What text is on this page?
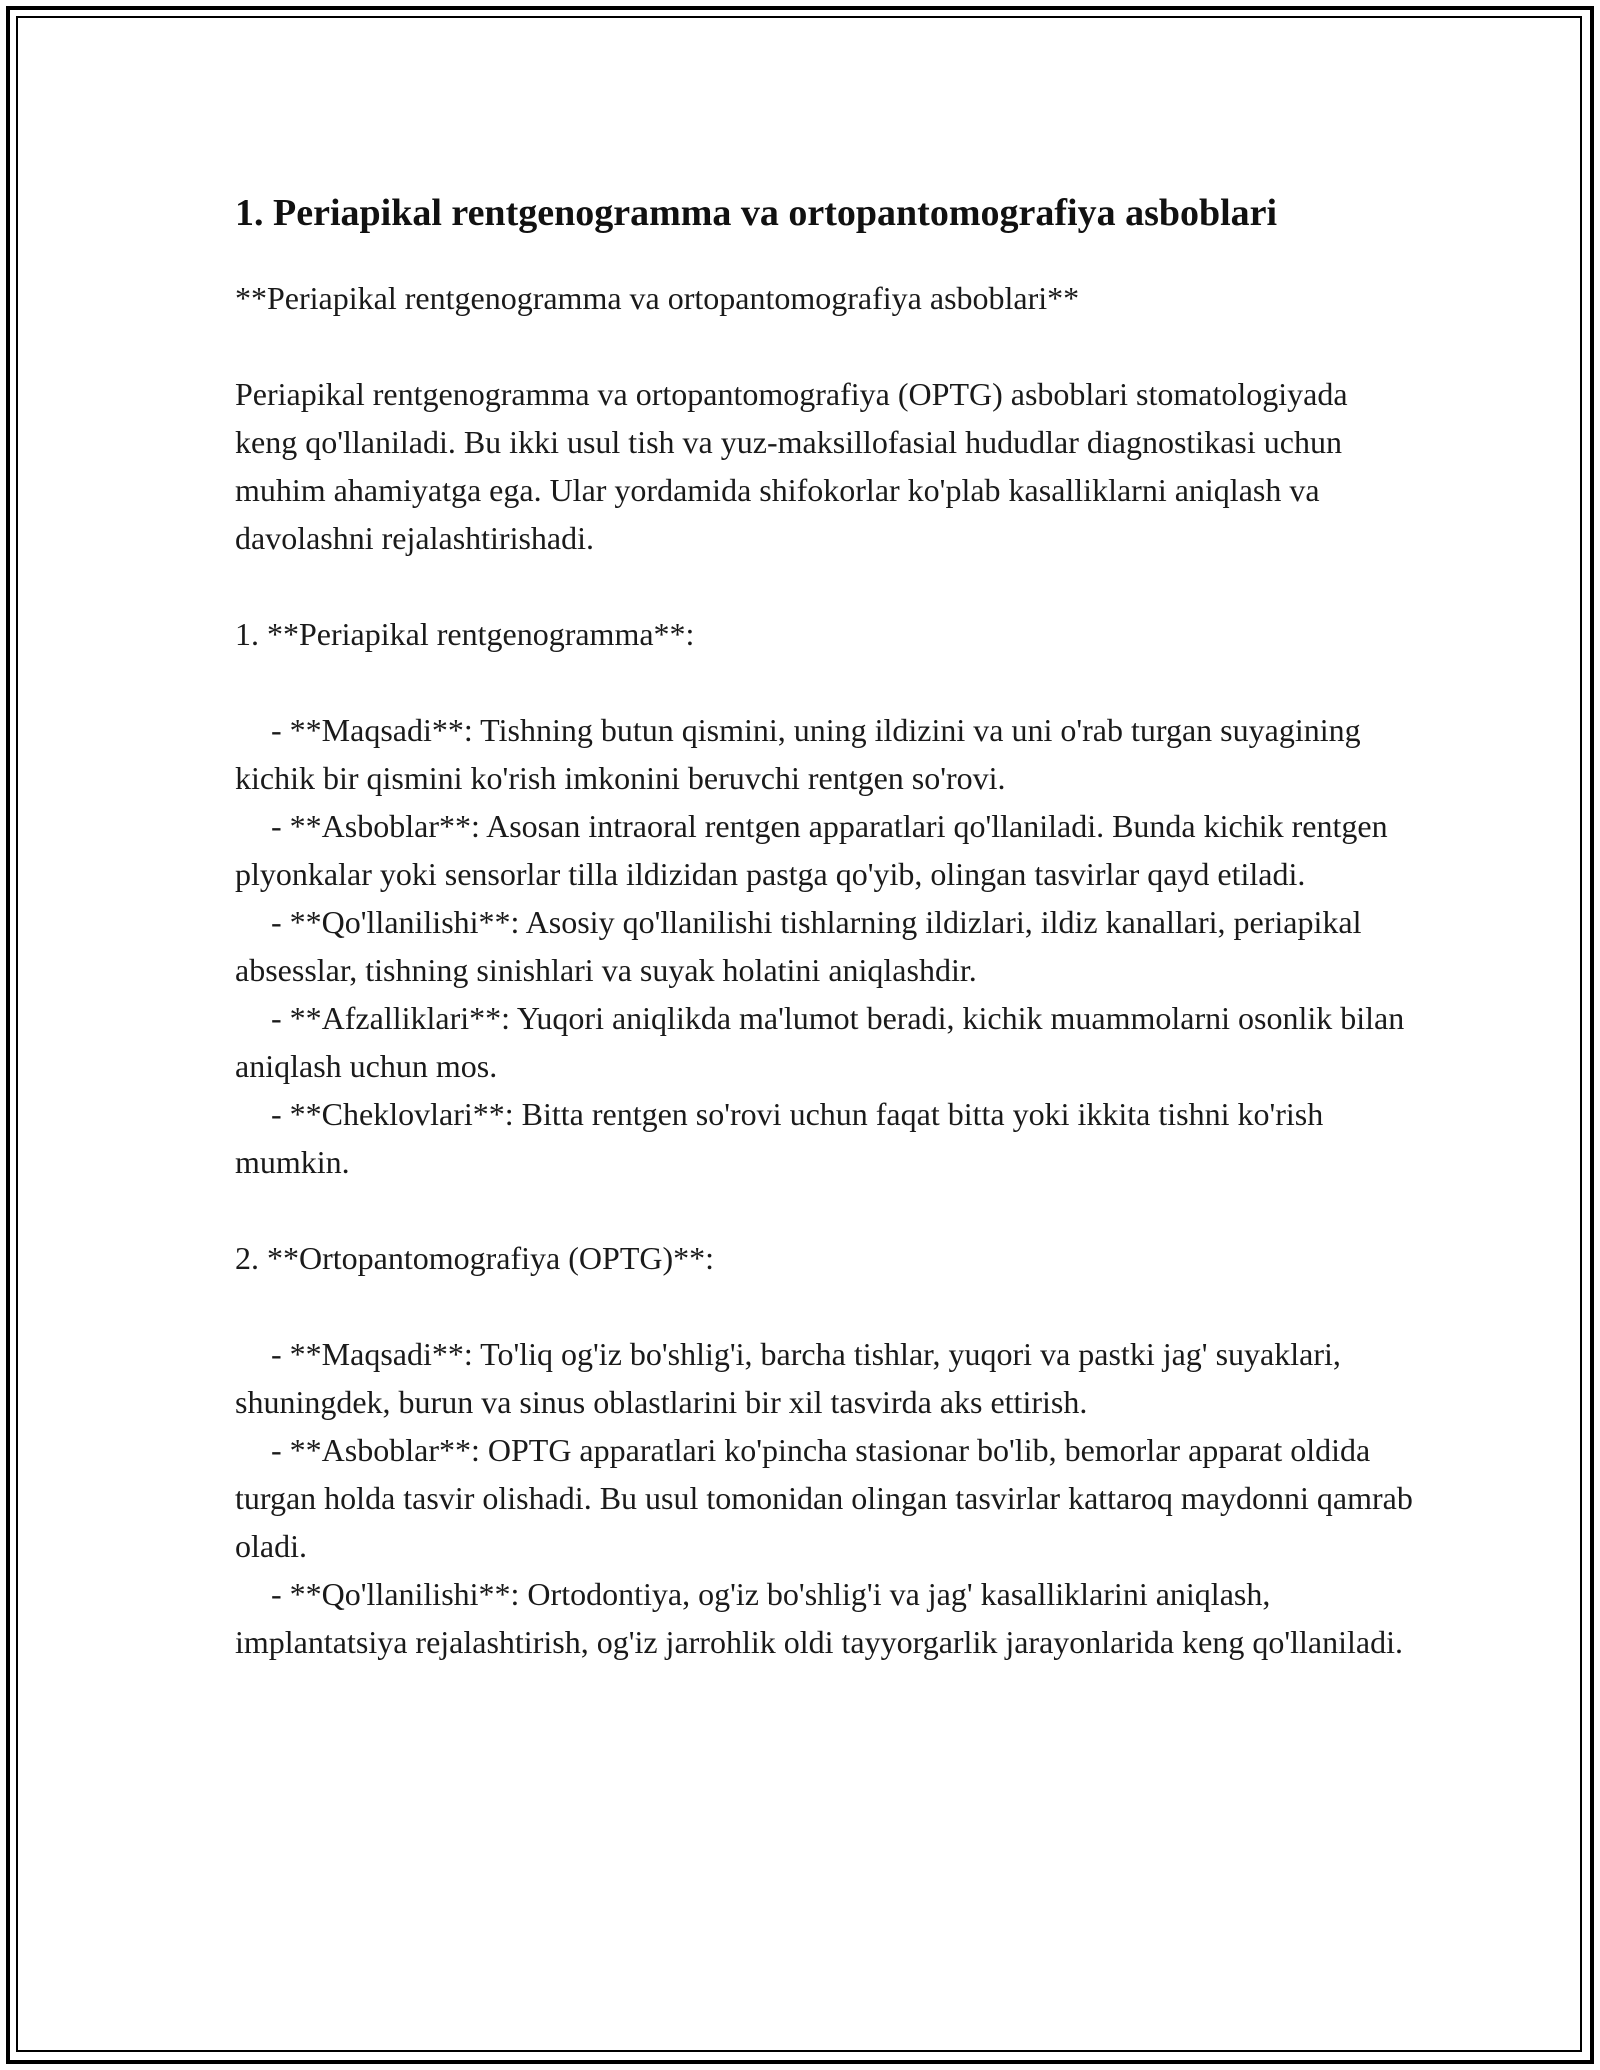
1. Periapikal rentgenogramma va ortopantomografiya asboblari

**Periapikal rentgenogramma va ortopantomografiya asboblari**

Periapikal rentgenogramma va ortopantomografiya (OPTG) asboblari stomatologiyada keng qo'llaniladi. Bu ikki usul tish va yuz-maksillofasial hududlar diagnostikasi uchun muhim ahamiyatga ega. Ular yordamida shifokorlar ko'plab kasalliklarni aniqlash va davolashni rejalashtirishadi.

1. **Periapikal rentgenogramma**:

- **Maqsadi**: Tishning butun qismini, uning ildizini va uni o'rab turgan suyagining kichik bir qismini ko'rish imkonini beruvchi rentgen so'rovi.

- **Asboblar**: Asosan intraoral rentgen apparatlari qo'llaniladi. Bunda kichik rentgen plyonkalar yoki sensorlar tilla ildizidan pastga qo'yib, olingan tasvirlar qayd etiladi.

- **Qo'llanilishi**: Asosiy qo'llanilishi tishlarning ildizlari, ildiz kanallari, periapikal absesslar, tishning sinishlari va suyak holatini aniqlashdir.

- **Afzalliklari**: Yuqori aniqlikda ma'lumot beradi, kichik muammolarni osonlik bilan aniqlash uchun mos.

- **Cheklovlari**: Bitta rentgen so'rovi uchun faqat bitta yoki ikkita tishni ko'rish mumkin.

2. **Ortopantomografiya (OPTG)**:

- **Maqsadi**: To'liq og'iz bo'shlig'i, barcha tishlar, yuqori va pastki jag' suyaklari, shuningdek, burun va sinus oblastlarini bir xil tasvirda aks ettirish.

- **Asboblar**: OPTG apparatlari ko'pincha stasionar bo'lib, bemorlar apparat oldida turgan holda tasvir olishadi. Bu usul tomonidan olingan tasvirlar kattaroq maydonni qamrab oladi.

- **Qo'llanilishi**: Ortodontiya, og'iz bo'shlig'i va jag' kasalliklarini aniqlash, implantatsiya rejalashtirish, og'iz jarrohlik oldi tayyorgarlik jarayonlarida keng qo'llaniladi.
